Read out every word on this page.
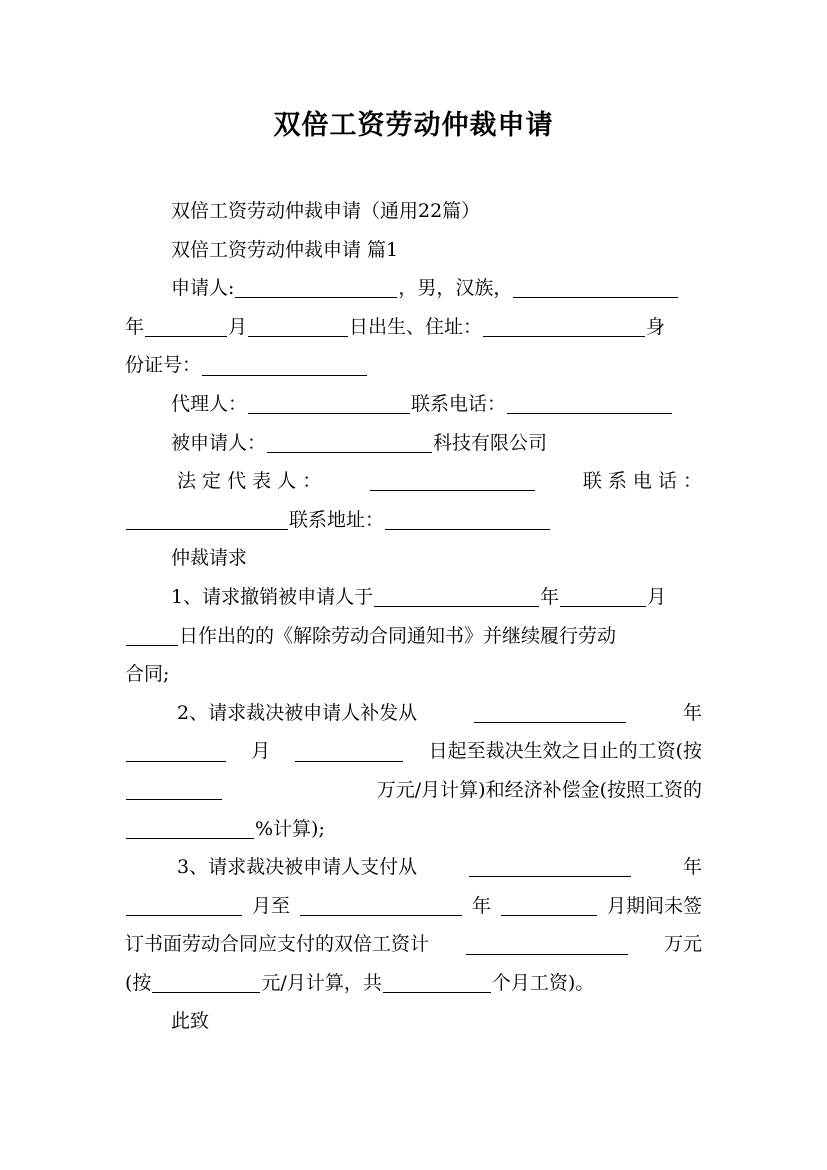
双倍工资劳动仲裁申请
双倍工资劳动仲裁申请（通用22篇）
双倍工资劳动仲裁申请 篇1
申请人:	，男，汉族，
年	月	日出生、住址：	身
份证号：
代理人：	联系电话：
被申请人：	科技有限公司
法 定 代 表 人 ：	联 系 电 话 ：
联系地址：
仲裁请求
1、请求撤销被申请人于	年	月
日作出的的《解除劳动合同通知书》并继续履行劳动
合同;
2、请求裁决被申请人补发从	年
月	日起至裁决生效之日止的工资(按
万元/月计算)和经济补偿金(按照工资的
%计算);
3、请求裁决被申请人支付从	年
月至	年	月期间未签
订书面劳动合同应支付的双倍工资计	万元
(按	元/月计算，共	个月工资)。
此致
